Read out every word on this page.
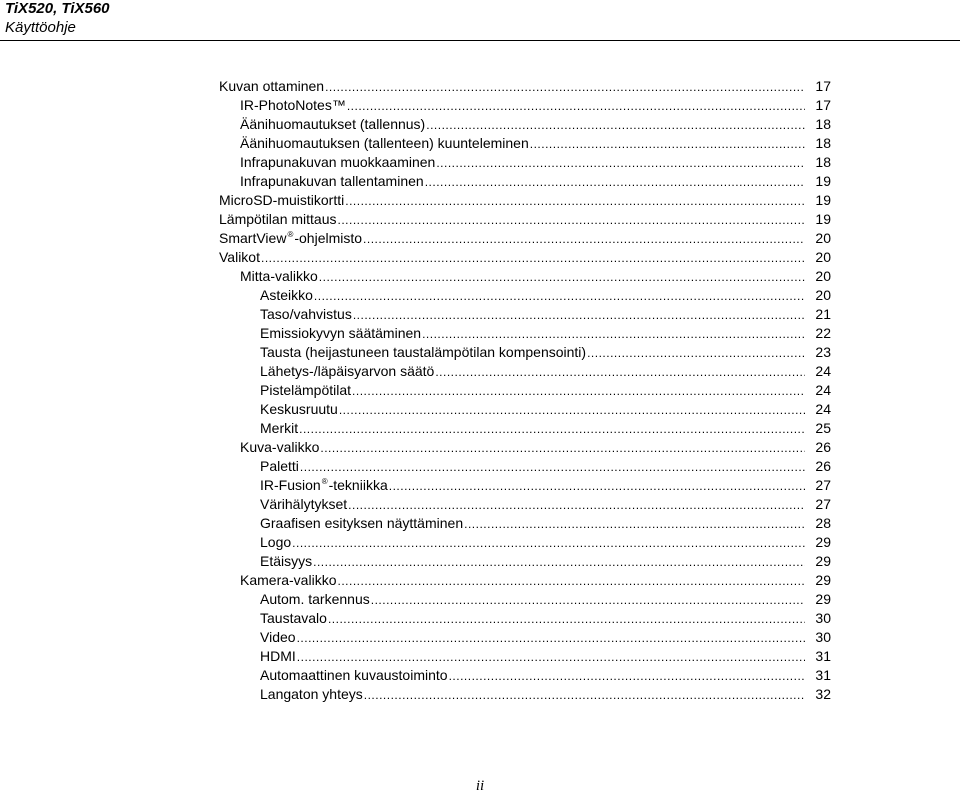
TiX520, TiX560
Käyttöohje
Kuvan ottaminen .....	17
IR-PhotoNotes™ .....	17
Äänihuomautukset (tallennus) .....	18
Äänihuomautuksen (tallenteen) kuunteleminen .....	18
Infrapunakuvan muokkaaminen .....	18
Infrapunakuvan tallentaminen .....	19
MicroSD-muistikortti .....	19
Lämpötilan mittaus .....	19
SmartView®-ohjelmisto .....	20
Valikot .....	20
Mitta-valikko .....	20
Asteikko .....	20
Taso/vahvistus .....	21
Emissiokyvyn säätäminen .....	22
Tausta (heijastuneen taustalämpötilan kompensointi) .....	23
Lähetys-/läpäisyarvon säätö .....	24
Pistelämpötilat .....	24
Keskusruutu .....	24
Merkit .....	25
Kuva-valikko .....	26
Paletti .....	26
IR-Fusion®-tekniikka .....	27
Värihälytykset .....	27
Graafisen esityksen näyttäminen .....	28
Logo .....	29
Etäisyys .....	29
Kamera-valikko .....	29
Autom. tarkennus .....	29
Taustavalo .....	30
Video .....	30
HDMI .....	31
Automaattinen kuvaustoiminto .....	31
Langaton yhteys .....	32
ii
